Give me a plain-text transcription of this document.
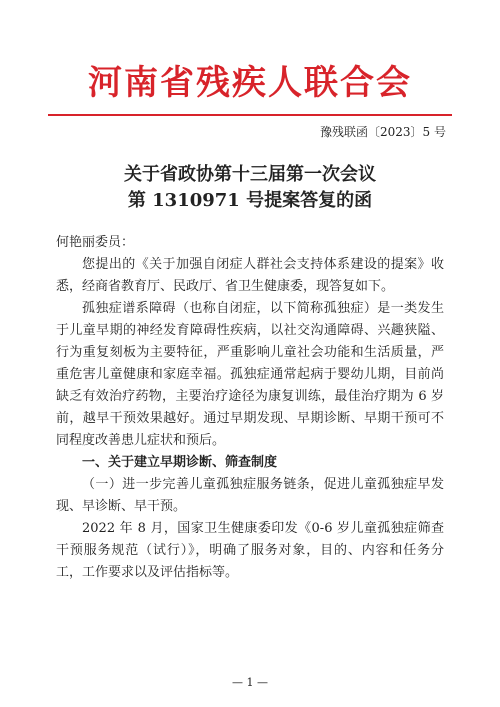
河南省残疾人联合会
豫残联函〔2023〕5 号
关于省政协第十三届第一次会议
第 1310971 号提案答复的函

何艳丽委员：

您提出的《关于加强自闭症人群社会支持体系建设的提案》收悉，经商省教育厅、民政厅、省卫生健康委，现答复如下。

孤独症谱系障碍（也称自闭症，以下简称孤独症）是一类发生于儿童早期的神经发育障碍性疾病，以社交沟通障碍、兴趣狭隘、行为重复刻板为主要特征，严重影响儿童社会功能和生活质量，严重危害儿童健康和家庭幸福。孤独症通常起病于婴幼儿期，目前尚缺乏有效治疗药物，主要治疗途径为康复训练，最佳治疗期为 6 岁前，越早干预效果越好。通过早期发现、早期诊断、早期干预可不同程度改善患儿症状和预后。

一、关于建立早期诊断、筛查制度

（一）进一步完善儿童孤独症服务链条，促进儿童孤独症早发现、早诊断、早干预。

2022 年 8 月，国家卫生健康委印发《0-6 岁儿童孤独症筛查干预服务规范（试行）》，明确了服务对象，目的、内容和任务分工，工作要求以及评估指标等。

— 1 —
